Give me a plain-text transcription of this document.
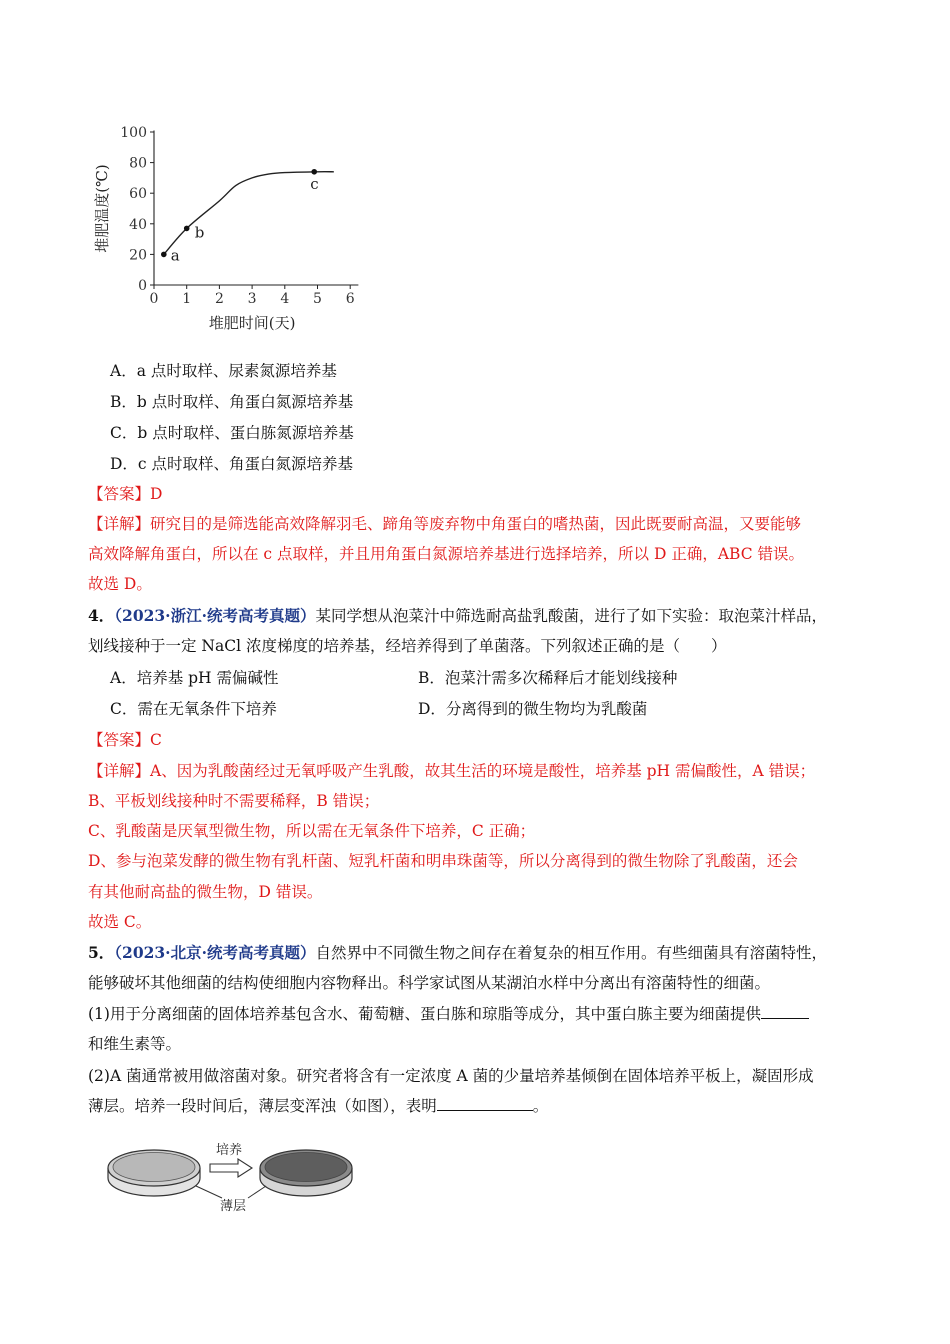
0 1 2 3 4 5 6
0
20
40
60
80
100
堆肥时间(天)
堆肥温度(℃)
a
b
c
A．a 点时取样、尿素氮源培养基
B．b 点时取样、角蛋白氮源培养基
C．b 点时取样、蛋白胨氮源培养基
D．c 点时取样、角蛋白氮源培养基
【答案】D
【详解】研究目的是筛选能高效降解羽毛、蹄角等废弃物中角蛋白的嗜热菌，因此既要耐高温，又要能够
高效降解角蛋白，所以在 c 点取样，并且用角蛋白氮源培养基进行选择培养，所以 D 正确，ABC 错误。
故选 D。
4．（2023·浙江·统考高考真题）某同学想从泡菜汁中筛选耐高盐乳酸菌，进行了如下实验：取泡菜汁样品，
划线接种于一定 NaCl 浓度梯度的培养基，经培养得到了单菌落。下列叙述正确的是（　　）
A．培养基 pH 需偏碱性	B．泡菜汁需多次稀释后才能划线接种
C．需在无氧条件下培养	D．分离得到的微生物均为乳酸菌
【答案】C
【详解】A、因为乳酸菌经过无氧呼吸产生乳酸，故其生活的环境是酸性，培养基 pH 需偏酸性，A 错误；
B、平板划线接种时不需要稀释，B 错误；
C、乳酸菌是厌氧型微生物，所以需在无氧条件下培养，C 正确；
D、参与泡菜发酵的微生物有乳杆菌、短乳杆菌和明串珠菌等，所以分离得到的微生物除了乳酸菌，还会
有其他耐高盐的微生物，D 错误。
故选 C。
5．（2023·北京·统考高考真题）自然界中不同微生物之间存在着复杂的相互作用。有些细菌具有溶菌特性，
能够破坏其他细菌的结构使细胞内容物释出。科学家试图从某湖泊水样中分离出有溶菌特性的细菌。
(1)用于分离细菌的固体培养基包含水、葡萄糖、蛋白胨和琼脂等成分，其中蛋白胨主要为细菌提供
和维生素等。
(2)A 菌通常被用做溶菌对象。研究者将含有一定浓度 A 菌的少量培养基倾倒在固体培养平板上，凝固形成
薄层。培养一段时间后，薄层变浑浊（如图），表明	。
培养
薄层
